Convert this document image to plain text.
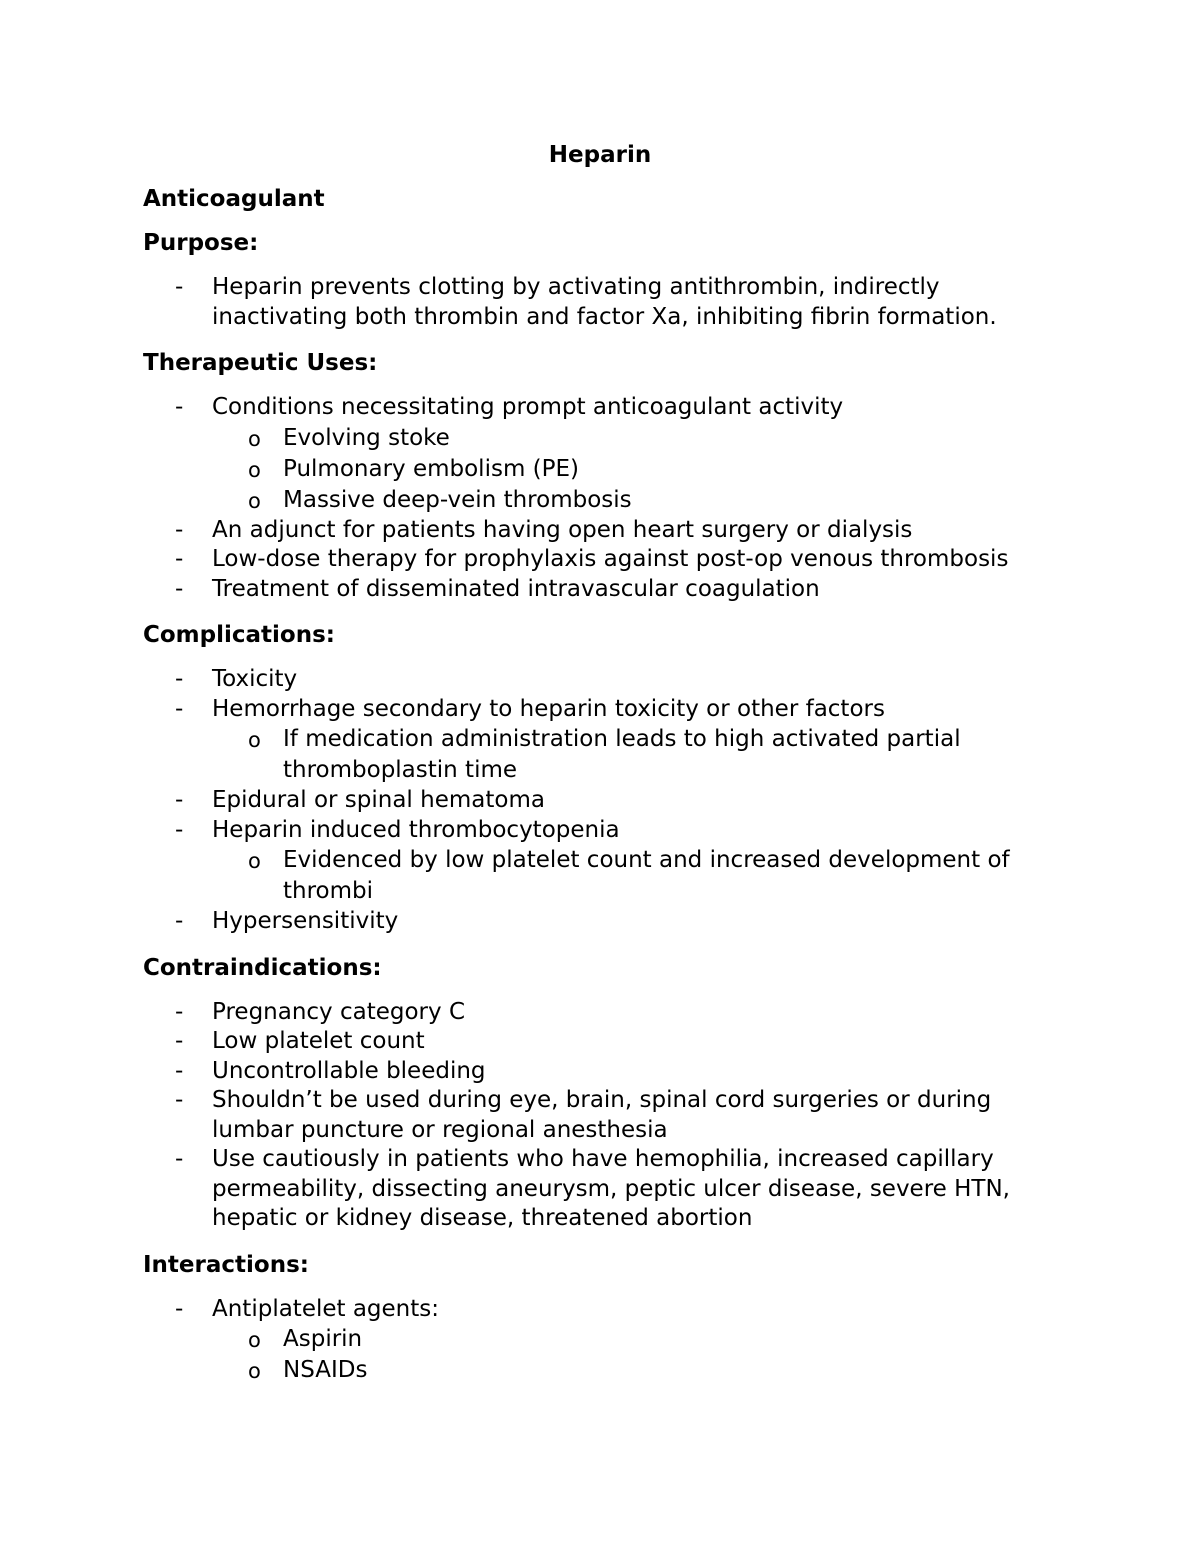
Heparin
Anticoagulant
Purpose:
-	Heparin prevents clotting by activating antithrombin, indirectly inactivating both thrombin and factor Xa, inhibiting fibrin formation.
Therapeutic Uses:
-	Conditions necessitating prompt anticoagulant activity
o Evolving stoke
o Pulmonary embolism (PE)
o Massive deep-vein thrombosis
-	An adjunct for patients having open heart surgery or dialysis
-	Low-dose therapy for prophylaxis against post-op venous thrombosis
-	Treatment of disseminated intravascular coagulation
Complications:
-	Toxicity
-	Hemorrhage secondary to heparin toxicity or other factors
o If medication administration leads to high activated partial thromboplastin time
-	Epidural or spinal hematoma
-	Heparin induced thrombocytopenia
o Evidenced by low platelet count and increased development of thrombi
-	Hypersensitivity
Contraindications:
-	Pregnancy category C
-	Low platelet count
-	Uncontrollable bleeding
-	Shouldn’t be used during eye, brain, spinal cord surgeries or during lumbar puncture or regional anesthesia
-	Use cautiously in patients who have hemophilia, increased capillary permeability, dissecting aneurysm, peptic ulcer disease, severe HTN, hepatic or kidney disease, threatened abortion
Interactions:
-	Antiplatelet agents:
o Aspirin
o NSAIDs
